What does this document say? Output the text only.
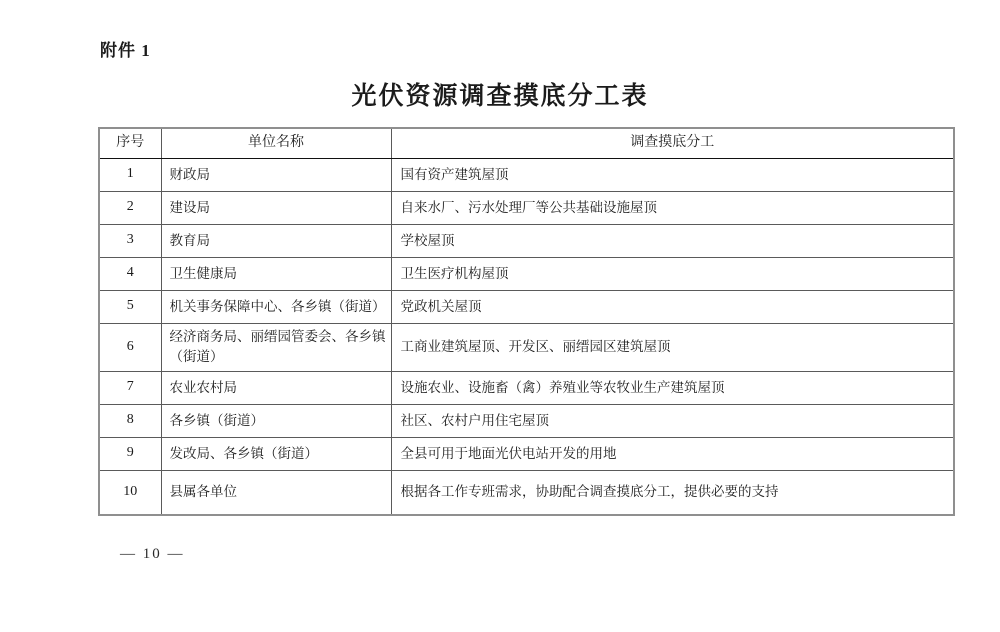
附件 1
光伏资源调查摸底分工表
序号	单位名称	调查摸底分工
1	财政局	国有资产建筑屋顶
2	建设局	自来水厂、污水处理厂等公共基础设施屋顶
3	教育局	学校屋顶
4	卫生健康局	卫生医疗机构屋顶
5	机关事务保障中心、各乡镇（街道）	党政机关屋顶
6	经济商务局、丽缙园管委会、各乡镇（街道）	工商业建筑屋顶、开发区、丽缙园区建筑屋顶
7	农业农村局	设施农业、设施畜（禽）养殖业等农牧业生产建筑屋顶
8	各乡镇（街道）	社区、农村户用住宅屋顶
9	发改局、各乡镇（街道）	全县可用于地面光伏电站开发的用地
10	县属各单位	根据各工作专班需求，协助配合调查摸底分工，提供必要的支持
— 10 —
